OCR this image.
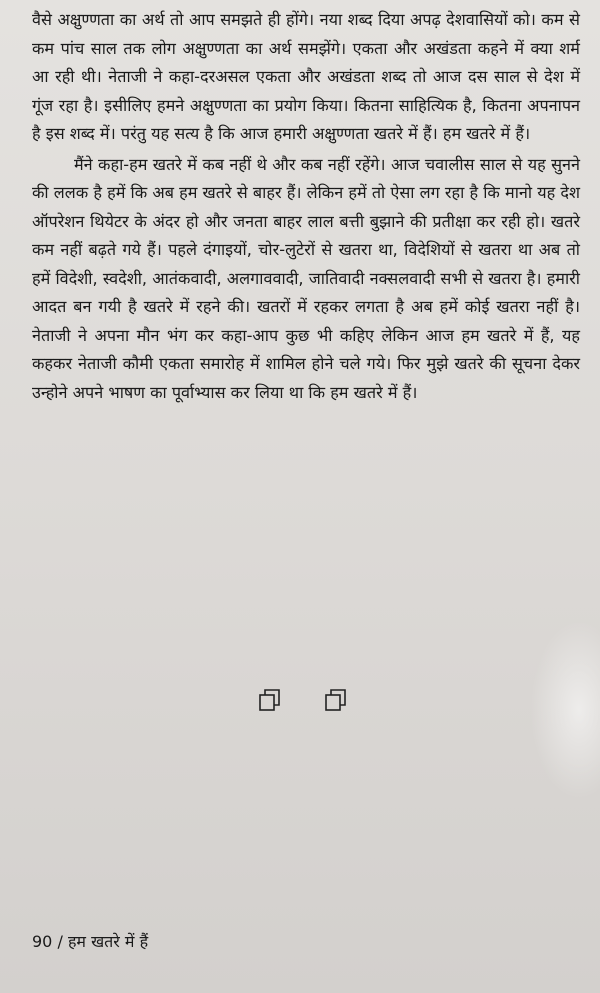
वैसे अक्षुण्णता का अर्थ तो आप समझते ही होंगे। नया शब्द दिया अपढ़ देशवासियों को। कम से कम पांच साल तक लोग अक्षुण्णता का अर्थ समझेंगे। एकता और अखंडता कहने में क्या शर्म आ रही थी। नेताजी ने कहा-दरअसल एकता और अखंडता शब्द तो आज दस साल से देश में गूंज रहा है। इसीलिए हमने अक्षुण्णता का प्रयोग किया। कितना साहित्यिक है, कितना अपनापन है इस शब्द में। परंतु यह सत्य है कि आज हमारी अक्षुण्णता खतरे में हैं। हम खतरे में हैं।

मैंने कहा-हम खतरे में कब नहीं थे और कब नहीं रहेंगे। आज चवालीस साल से यह सुनने की ललक है हमें कि अब हम खतरे से बाहर हैं। लेकिन हमें तो ऐसा लग रहा है कि मानो यह देश ऑपरेशन थियेटर के अंदर हो और जनता बाहर लाल बत्ती बुझाने की प्रतीक्षा कर रही हो। खतरे कम नहीं बढ़ते गये हैं। पहले दंगाइयों, चोर-लुटेरों से खतरा था, विदेशियों से खतरा था अब तो हमें विदेशी, स्वदेशी, आतंकवादी, अलगाववादी, जातिवादी नक्सलवादी सभी से खतरा है। हमारी आदत बन गयी है खतरे में रहने की। खतरों में रहकर लगता है अब हमें कोई खतरा नहीं है। नेताजी ने अपना मौन भंग कर कहा-आप कुछ भी कहिए लेकिन आज हम खतरे में हैं, यह कहकर नेताजी कौमी एकता समारोह में शामिल होने चले गये। फिर मुझे खतरे की सूचना देकर उन्होने अपने भाषण का पूर्वाभ्यास कर लिया था कि हम खतरे में हैं।

90 / हम खतरे में हैं
